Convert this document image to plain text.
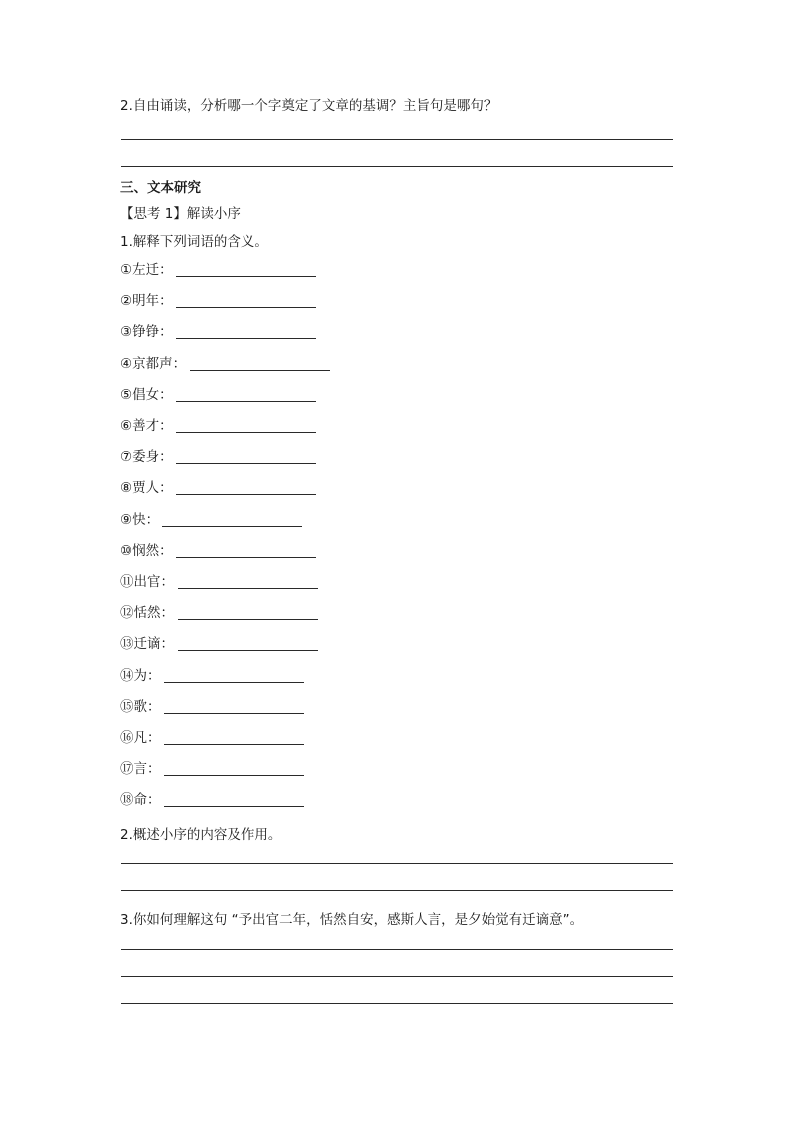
2.自由诵读，分析哪一个字奠定了文章的基调？主旨句是哪句？
三、文本研究
【思考 1】解读小序
1.解释下列词语的含义。
①左迁：
②明年：
③铮铮：
④京都声：
⑤倡女：
⑥善才：
⑦委身：
⑧贾人：
⑨快：
⑩悯然：
⑪出官：
⑫恬然：
⑬迁谪：
⑭为：
⑮歌：
⑯凡：
⑰言：
⑱命：
2.概述小序的内容及作用。
3.你如何理解这句 “予出官二年，恬然自安，感斯人言，是夕始觉有迁谪意”。
